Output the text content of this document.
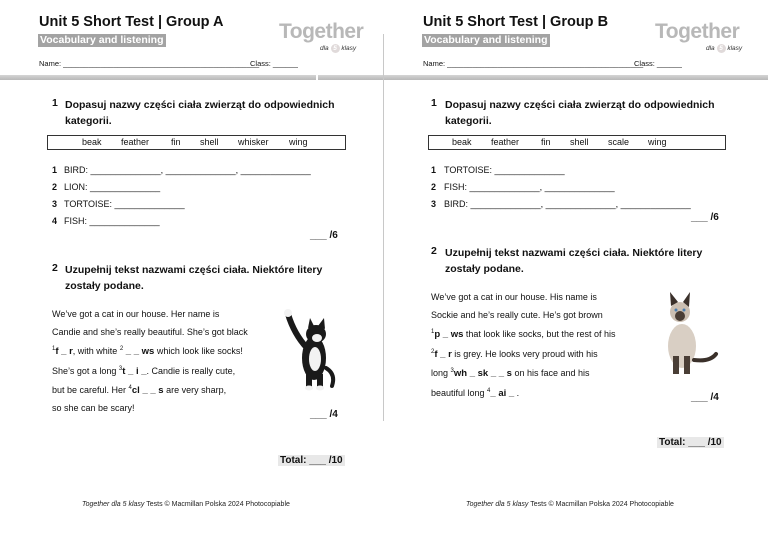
Unit 5 Short Test | Group A
Vocabulary and listening	Together
dla 5 klasy
Name: _______________________________________________
Class: ______
1 Dopasuj nazwy części ciała zwierząt do odpowiednich kategorii.
beak feather fin shell whisker wing
1 BIRD: ______________, ______________, ______________
2 LION: ______________
3 TORTOISE: ______________
4 FISH: ______________
___ /6
2 Uzupełnij tekst nazwami części ciała. Niektóre litery zostały podane.
We’ve got a cat in our house. Her name is
Candie and she’s really beautiful. She’s got black
$^1$f _ r, with white $^2$ _ _ ws which look like socks!
She’s got a long $^3$t _ i _. Candie is really cute,
but be careful. Her $^4$cl _ _ s are very sharp,
so she can be scary!
___ /4
Total: ___ /10
Together dla 5 klasy Tests © Macmillan Polska 2024 Photocopiable
Unit 5 Short Test | Group B
Vocabulary and listening	Together
dla 5 klasy
Name: _______________________________________________
Class: ______
1 Dopasuj nazwy części ciała zwierząt do odpowiednich kategorii.
beak feather fin shell scale wing
1 TORTOISE: ______________
2 FISH: ______________, ______________
3 BIRD: ______________, ______________, ______________
___ /6
2 Uzupełnij tekst nazwami części ciała. Niektóre litery zostały podane.
We’ve got a cat in our house. His name is
Sockie and he’s really cute. He’s got brown
$^1$p _ ws that look like socks, but the rest of his
$^2$f _ r is grey. He looks very proud with his
long $^3$wh _ sk _ _ s on his face and his
beautiful long $^4$_ ai _ .	___ /4
Total: ___ /10
Together dla 5 klasy Tests © Macmillan Polska 2024 Photocopiable
